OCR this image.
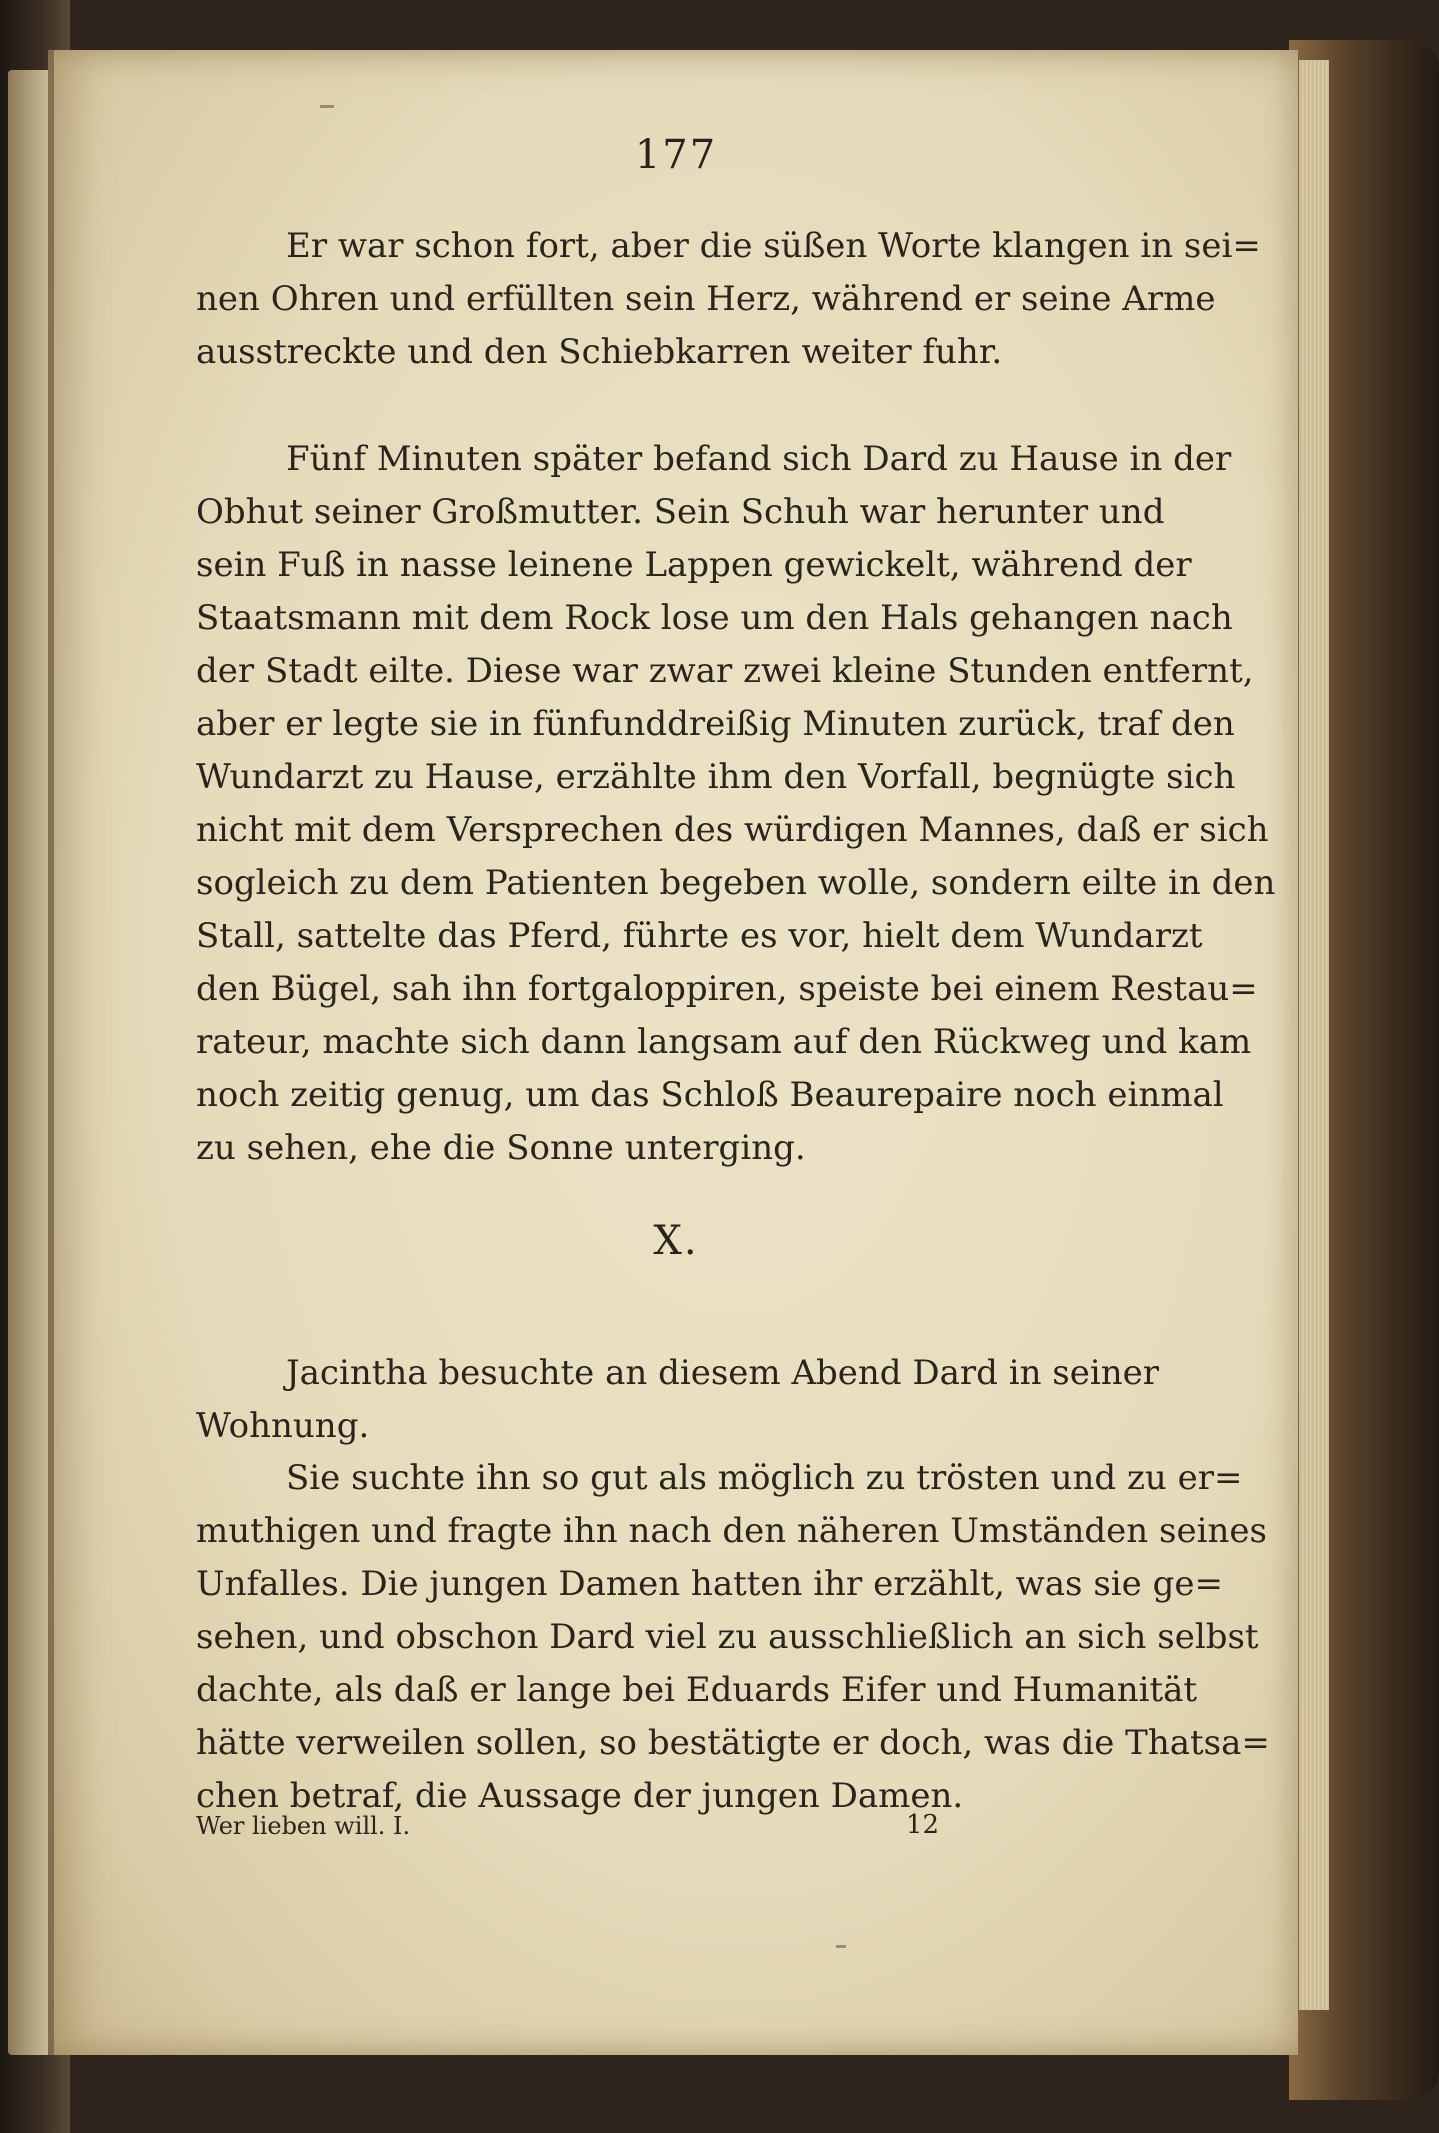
177
Er war schon fort, aber die süßen Worte klangen in sei=
nen Ohren und erfüllten sein Herz, während er seine Arme
ausstreckte und den Schiebkarren weiter fuhr.
Fünf Minuten später befand sich Dard zu Hause in der
Obhut seiner Großmutter. Sein Schuh war herunter und
sein Fuß in nasse leinene Lappen gewickelt, während der
Staatsmann mit dem Rock lose um den Hals gehangen nach
der Stadt eilte. Diese war zwar zwei kleine Stunden entfernt,
aber er legte sie in fünfunddreißig Minuten zurück, traf den
Wundarzt zu Hause, erzählte ihm den Vorfall, begnügte sich
nicht mit dem Versprechen des würdigen Mannes, daß er sich
sogleich zu dem Patienten begeben wolle, sondern eilte in den
Stall, sattelte das Pferd, führte es vor, hielt dem Wundarzt
den Bügel, sah ihn fortgaloppiren, speiste bei einem Restau=
rateur, machte sich dann langsam auf den Rückweg und kam
noch zeitig genug, um das Schloß Beaurepaire noch einmal
zu sehen, ehe die Sonne unterging.
X.
Jacintha besuchte an diesem Abend Dard in seiner
Wohnung.
Sie suchte ihn so gut als möglich zu trösten und zu er=
muthigen und fragte ihn nach den näheren Umständen seines
Unfalles. Die jungen Damen hatten ihr erzählt, was sie ge=
sehen, und obschon Dard viel zu ausschließlich an sich selbst
dachte, als daß er lange bei Eduards Eifer und Humanität
hätte verweilen sollen, so bestätigte er doch, was die Thatsa=
chen betraf, die Aussage der jungen Damen.
Wer lieben will. I.	12
